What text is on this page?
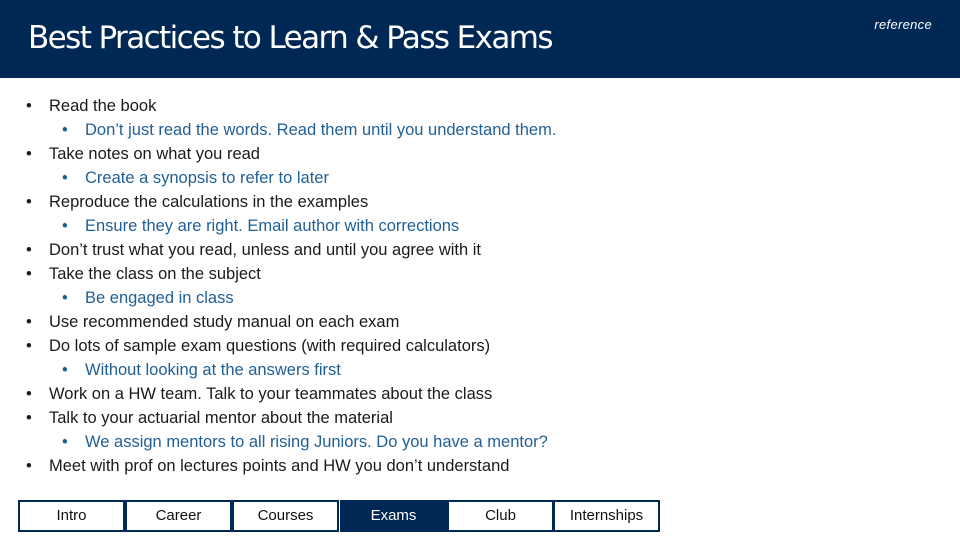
Best Practices to Learn & Pass Exams	reference
• Read the book
• Don’t just read the words. Read them until you understand them.
• Take notes on what you read
• Create a synopsis to refer to later
• Reproduce the calculations in the examples
• Ensure they are right. Email author with corrections
• Don’t trust what you read, unless and until you agree with it
• Take the class on the subject
• Be engaged in class
• Use recommended study manual on each exam
• Do lots of sample exam questions (with required calculators)
• Without looking at the answers first
• Work on a HW team. Talk to your teammates about the class
• Talk to your actuarial mentor about the material
• We assign mentors to all rising Juniors. Do you have a mentor?
• Meet with prof on lectures points and HW you don’t understand
Intro	Career	Courses	Exams	Club	Internships
